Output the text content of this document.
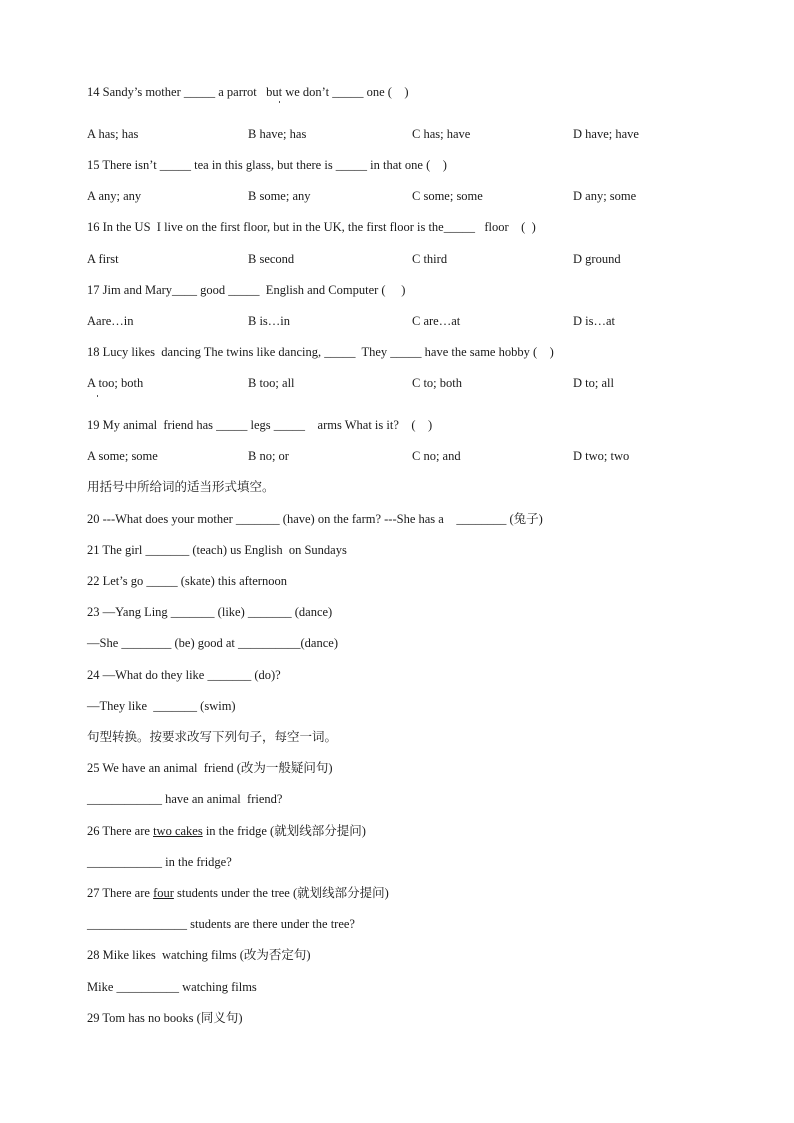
14 Sandy’s mother _____ a parrot   but we don’t _____ one (    )
A has; has	B have; has	C has; have	D have; have
15 There isn’t _____ tea in this glass, but there is _____ in that one (    )
A any; any	B some; any	C some; some	D any; some
16 In the US  I live on the first floor, but in the UK, the first floor is the_____   floor    (  )
A first	B second	C third	D ground
17 Jim and Mary____ good _____  English and Computer (     )
Aare…in	B is…in	C are…at	D is…at
18 Lucy likes  dancing The twins like dancing, _____  They _____ have the same hobby (    )
A too; both	B too; all	C to; both	D to; all
19 My animal  friend has _____ legs _____    arms What is it?    (    )
A some; some	B no; or	C no; and	D two; two
用括号中所给词的适当形式填空。
20 ---What does your mother _______ (have) on the farm? ---She has a    ________ (兔子)
21 The girl _______ (teach) us English  on Sundays
22 Let’s go _____ (skate) this afternoon
23 —Yang Ling _______ (like) _______ (dance)
—She ________ (be) good at __________(dance)
24 —What do they like _______ (do)?
—They like  _______ (swim)
句型转换。按要求改写下列句子，每空一词。
25 We have an animal  friend (改为一般疑问句)
____________ have an animal  friend?
26 There are two cakes in the fridge (就划线部分提问)
____________ in the fridge?
27 There are four students under the tree (就划线部分提问)
________________ students are there under the tree?
28 Mike likes  watching films (改为否定句)
Mike __________ watching films
29 Tom has no books (同义句)
